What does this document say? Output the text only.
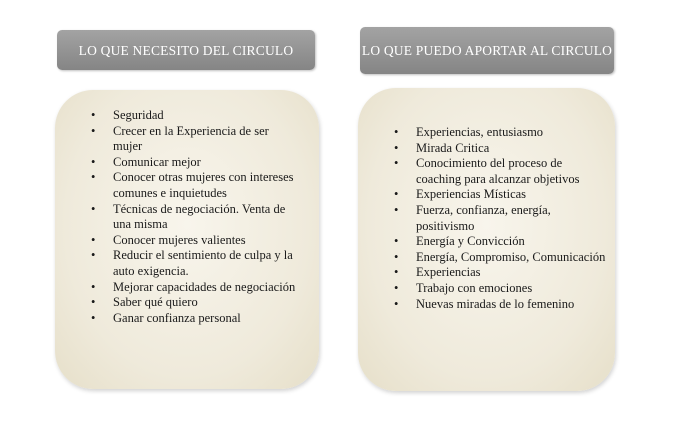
LO QUE NECESITO DEL CIRCULO	LO QUE PUEDO APORTAR AL CIRCULO
• Seguridad
• Crecer en la Experiencia de ser mujer
• Comunicar mejor
• Conocer otras mujeres con intereses comunes e inquietudes
• Técnicas de negociación. Venta de una misma
• Conocer mujeres valientes
• Reducir el sentimiento de culpa y la auto exigencia.
• Mejorar capacidades de negociación
• Saber qué quiero
• Ganar confianza personal
• Experiencias, entusiasmo
• Mirada Critica
• Conocimiento del proceso de coaching para alcanzar objetivos
• Experiencias Místicas
• Fuerza, confianza, energía, positivismo
• Energía y Convicción
• Energía, Compromiso, Comunicación
• Experiencias
• Trabajo con emociones
• Nuevas miradas de lo femenino
